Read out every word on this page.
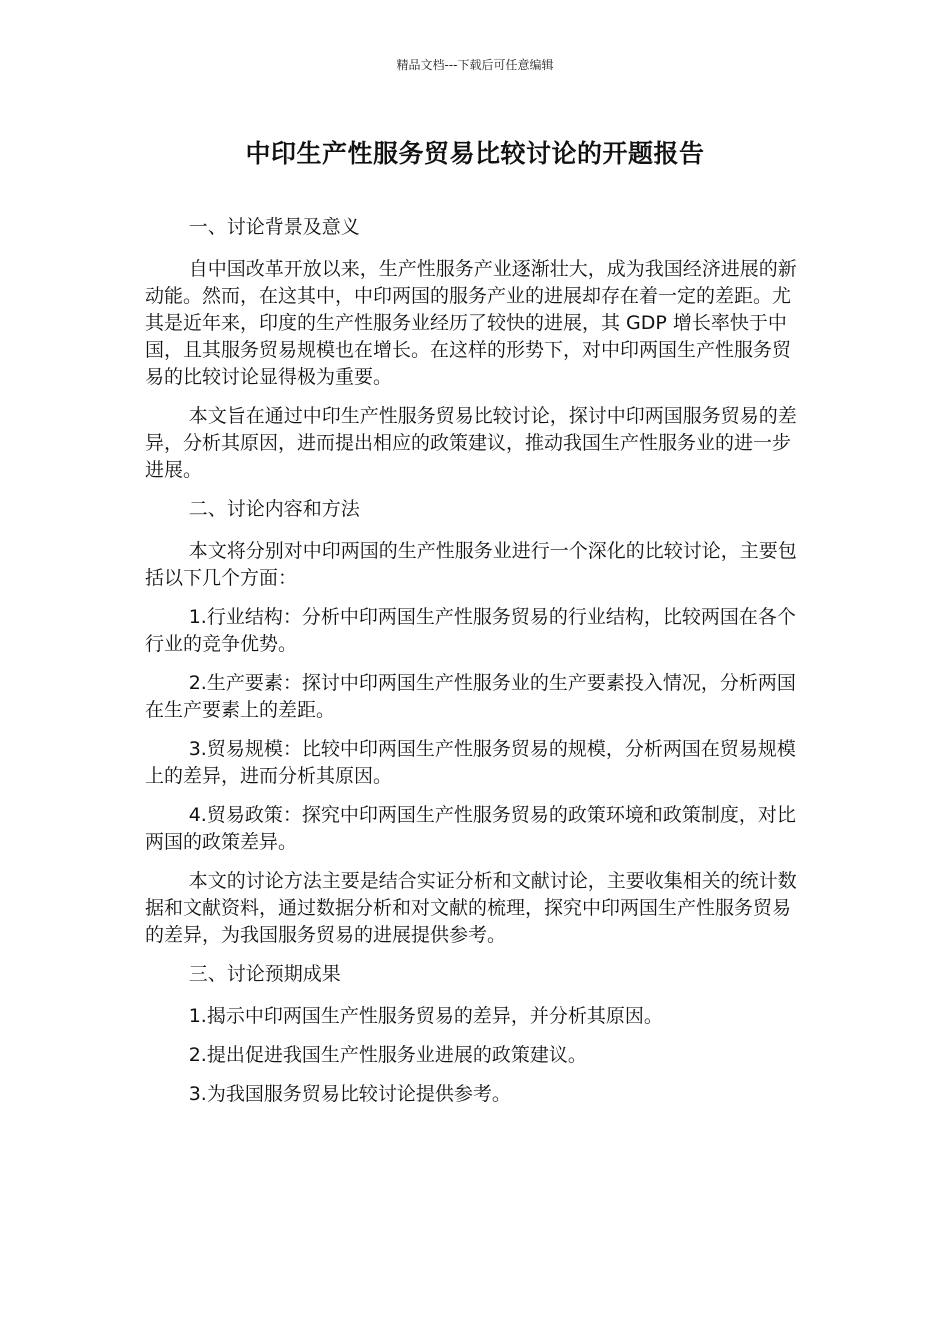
精品文档---下载后可任意编辑
中印生产性服务贸易比较讨论的开题报告

一、讨论背景及意义

自中国改革开放以来，生产性服务产业逐渐壮大，成为我国经济进展的新动能。然而，在这其中，中印两国的服务产业的进展却存在着一定的差距。尤其是近年来，印度的生产性服务业经历了较快的进展，其 GDP 增长率快于中国，且其服务贸易规模也在增长。在这样的形势下，对中印两国生产性服务贸易的比较讨论显得极为重要。

本文旨在通过中印生产性服务贸易比较讨论，探讨中印两国服务贸易的差异，分析其原因，进而提出相应的政策建议，推动我国生产性服务业的进一步进展。

二、讨论内容和方法

本文将分别对中印两国的生产性服务业进行一个深化的比较讨论，主要包括以下几个方面：

1.行业结构：分析中印两国生产性服务贸易的行业结构，比较两国在各个行业的竞争优势。

2.生产要素：探讨中印两国生产性服务业的生产要素投入情况，分析两国在生产要素上的差距。

3.贸易规模：比较中印两国生产性服务贸易的规模，分析两国在贸易规模上的差异，进而分析其原因。

4.贸易政策：探究中印两国生产性服务贸易的政策环境和政策制度，对比两国的政策差异。

本文的讨论方法主要是结合实证分析和文献讨论，主要收集相关的统计数据和文献资料，通过数据分析和对文献的梳理，探究中印两国生产性服务贸易的差异，为我国服务贸易的进展提供参考。

三、讨论预期成果

1.揭示中印两国生产性服务贸易的差异，并分析其原因。

2.提出促进我国生产性服务业进展的政策建议。

3.为我国服务贸易比较讨论提供参考。
